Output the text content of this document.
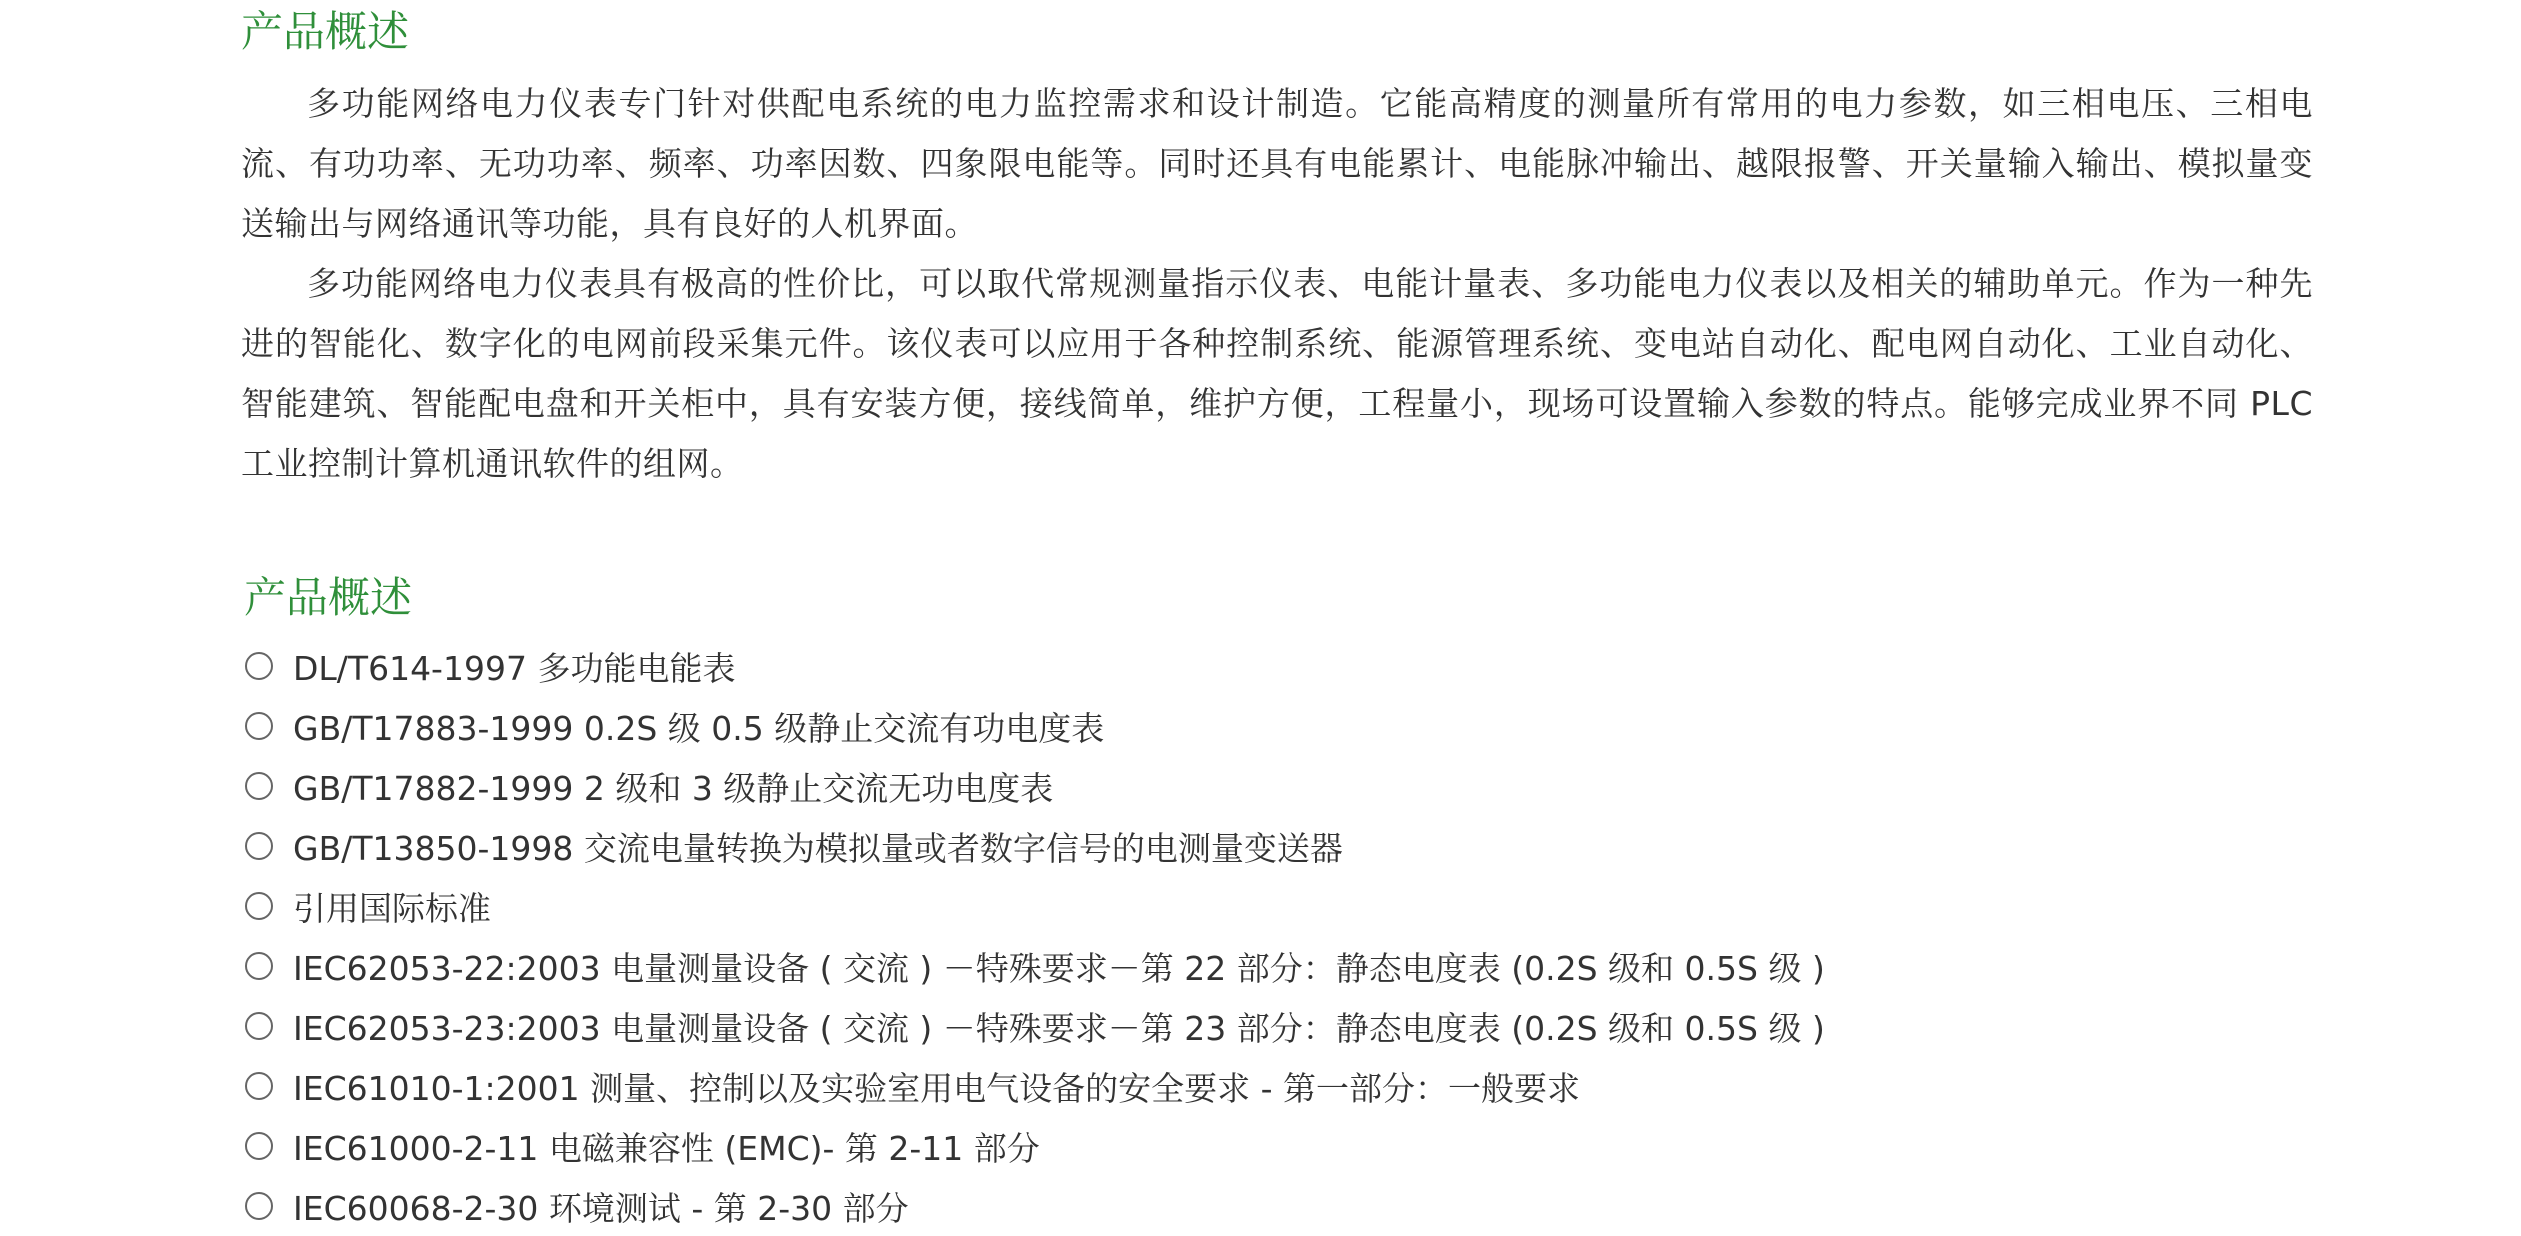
产品概述

多功能网络电力仪表专门针对供配电系统的电力监控需求和设计制造。它能高精度的测量所有常用的电力参数，如三相电压、三相电流、有功功率、无功功率、频率、功率因数、四象限电能等。同时还具有电能累计、电能脉冲输出、越限报警、开关量输入输出、模拟量变送输出与网络通讯等功能，具有良好的人机界面。

多功能网络电力仪表具有极高的性价比，可以取代常规测量指示仪表、电能计量表、多功能电力仪表以及相关的辅助单元。作为一种先进的智能化、数字化的电网前段采集元件。该仪表可以应用于各种控制系统、能源管理系统、变电站自动化、配电网自动化、工业自动化、智能建筑、智能配电盘和开关柜中，具有安装方便，接线简单，维护方便，工程量小，现场可设置输入参数的特点。能够完成业界不同 PLC 工业控制计算机通讯软件的组网。

产品概述
DL/T614-1997 多功能电能表
GB/T17883-1999 0.2S 级 0.5 级静止交流有功电度表
GB/T17882-1999 2 级和 3 级静止交流无功电度表
GB/T13850-1998 交流电量转换为模拟量或者数字信号的电测量变送器
引用国际标准
IEC62053-22:2003 电量测量设备 ( 交流 ) －特殊要求－第 22 部分：静态电度表 (0.2S 级和 0.5S 级 )
IEC62053-23:2003 电量测量设备 ( 交流 ) －特殊要求－第 23 部分：静态电度表 (0.2S 级和 0.5S 级 )
IEC61010-1:2001 测量、控制以及实验室用电气设备的安全要求 - 第一部分：一般要求
IEC61000-2-11 电磁兼容性 (EMC)- 第 2-11 部分
IEC60068-2-30 环境测试 - 第 2-30 部分
